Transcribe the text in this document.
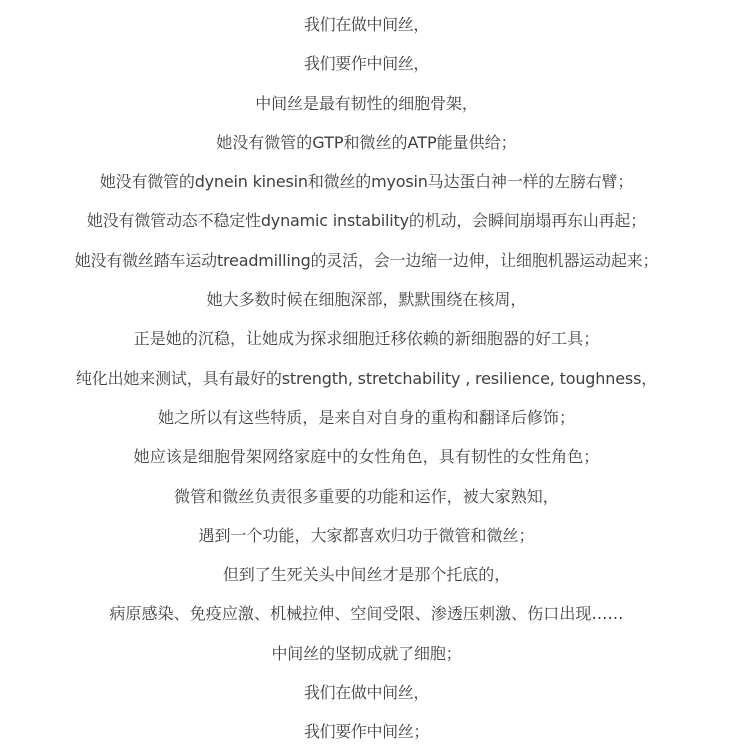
我们在做中间丝，
我们要作中间丝，
中间丝是最有韧性的细胞骨架，
她没有微管的GTP和微丝的ATP能量供给；
她没有微管的dynein kinesin和微丝的myosin马达蛋白神一样的左膀右臂；
她没有微管动态不稳定性dynamic instability的机动，会瞬间崩塌再东山再起；
她没有微丝踏车运动treadmilling的灵活，会一边缩一边伸，让细胞机器运动起来；
她大多数时候在细胞深部，默默围绕在核周，
正是她的沉稳，让她成为探求细胞迁移依赖的新细胞器的好工具；
纯化出她来测试，具有最好的strength, stretchability , resilience, toughness，
她之所以有这些特质，是来自对自身的重构和翻译后修饰；
她应该是细胞骨架网络家庭中的女性角色，具有韧性的女性角色；
微管和微丝负责很多重要的功能和运作，被大家熟知，
遇到一个功能，大家都喜欢归功于微管和微丝；
但到了生死关头中间丝才是那个托底的，
病原感染、免疫应激、机械拉伸、空间受限、渗透压刺激、伤口出现……
中间丝的坚韧成就了细胞；
我们在做中间丝，
我们要作中间丝；
